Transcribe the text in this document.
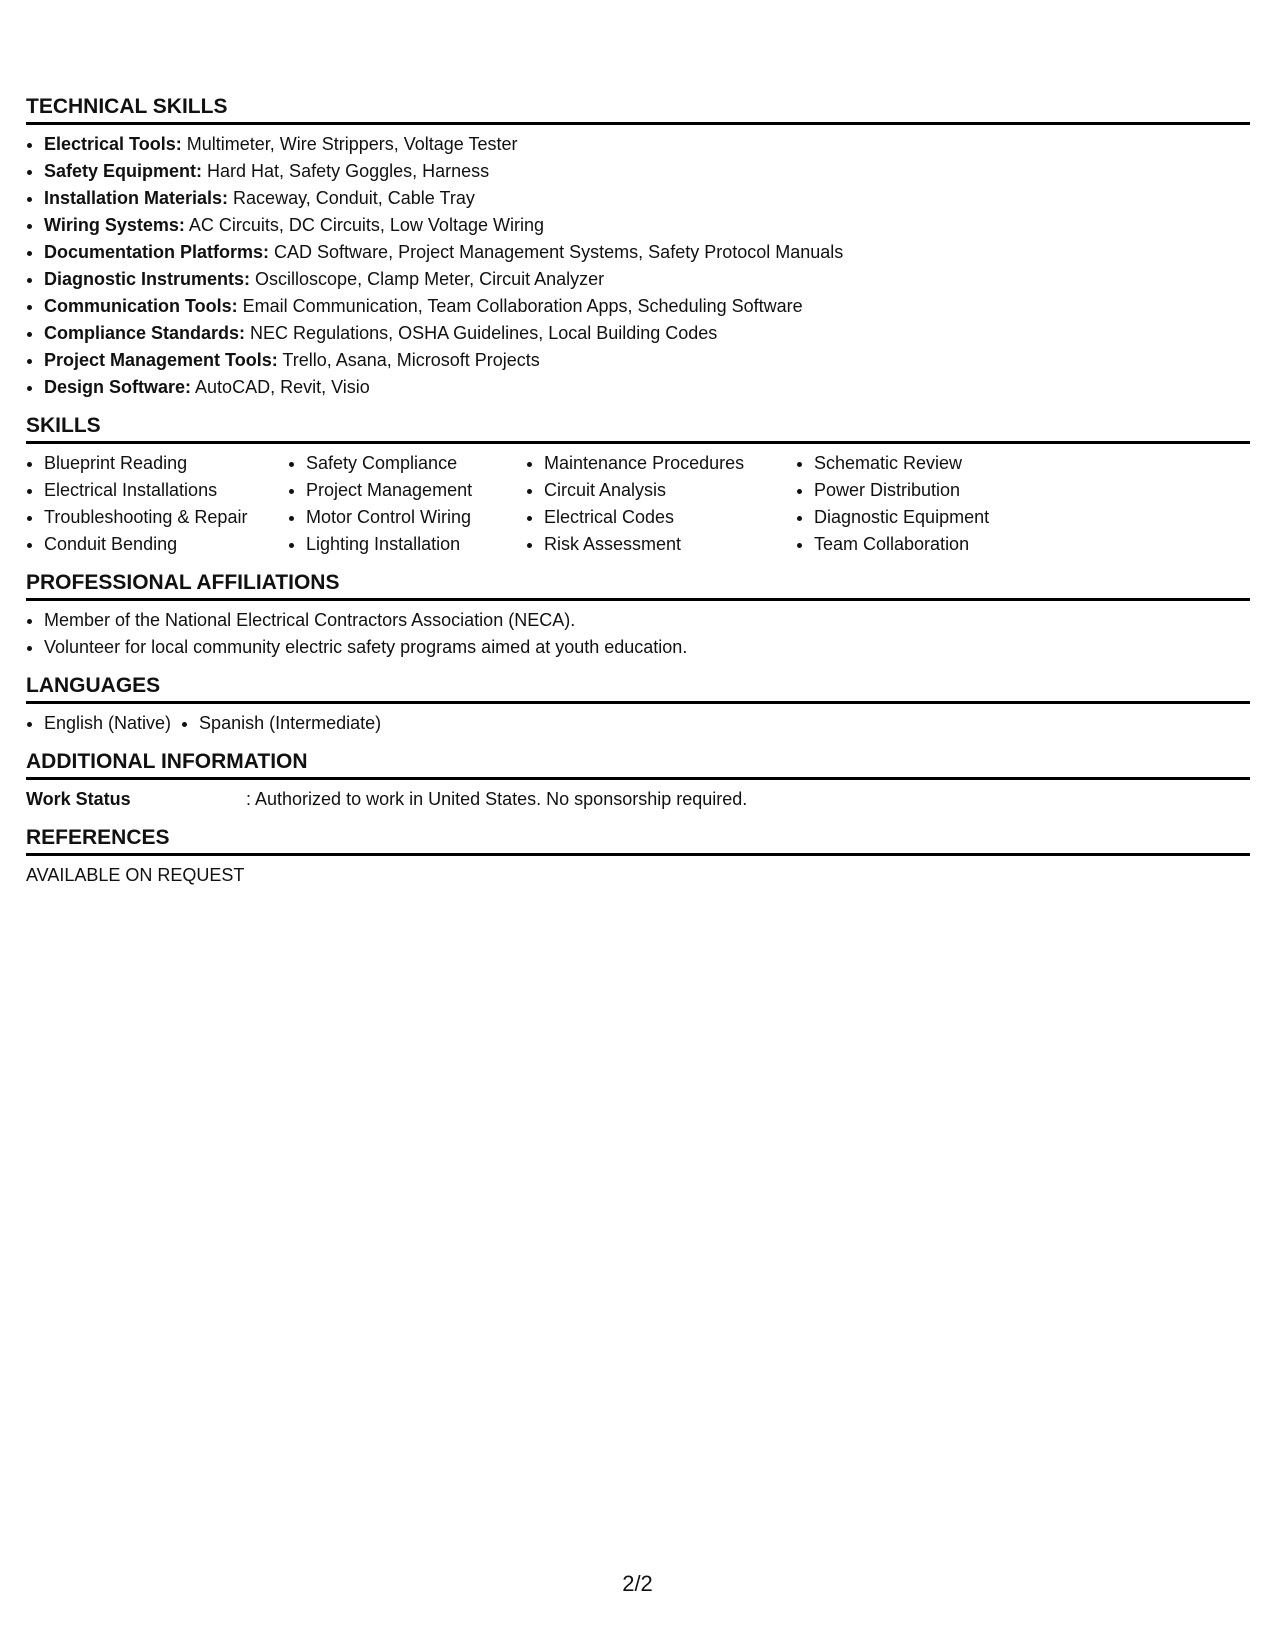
TECHNICAL SKILLS
• Electrical Tools: Multimeter, Wire Strippers, Voltage Tester
• Safety Equipment: Hard Hat, Safety Goggles, Harness
• Installation Materials: Raceway, Conduit, Cable Tray
• Wiring Systems: AC Circuits, DC Circuits, Low Voltage Wiring
• Documentation Platforms: CAD Software, Project Management Systems, Safety Protocol Manuals
• Diagnostic Instruments: Oscilloscope, Clamp Meter, Circuit Analyzer
• Communication Tools: Email Communication, Team Collaboration Apps, Scheduling Software
• Compliance Standards: NEC Regulations, OSHA Guidelines, Local Building Codes
• Project Management Tools: Trello, Asana, Microsoft Projects
• Design Software: AutoCAD, Revit, Visio
SKILLS
• Blueprint Reading
• Electrical Installations
• Troubleshooting & Repair
• Conduit Bending
• Safety Compliance
• Project Management
• Motor Control Wiring
• Lighting Installation
• Maintenance Procedures
• Circuit Analysis
• Electrical Codes
• Risk Assessment
• Schematic Review
• Power Distribution
• Diagnostic Equipment
• Team Collaboration
PROFESSIONAL AFFILIATIONS
• Member of the National Electrical Contractors Association (NECA).
• Volunteer for local community electric safety programs aimed at youth education.
LANGUAGES
• English (Native)
• Spanish (Intermediate)
ADDITIONAL INFORMATION
Work Status	: Authorized to work in United States. No sponsorship required.
REFERENCES
AVAILABLE ON REQUEST
2/2
